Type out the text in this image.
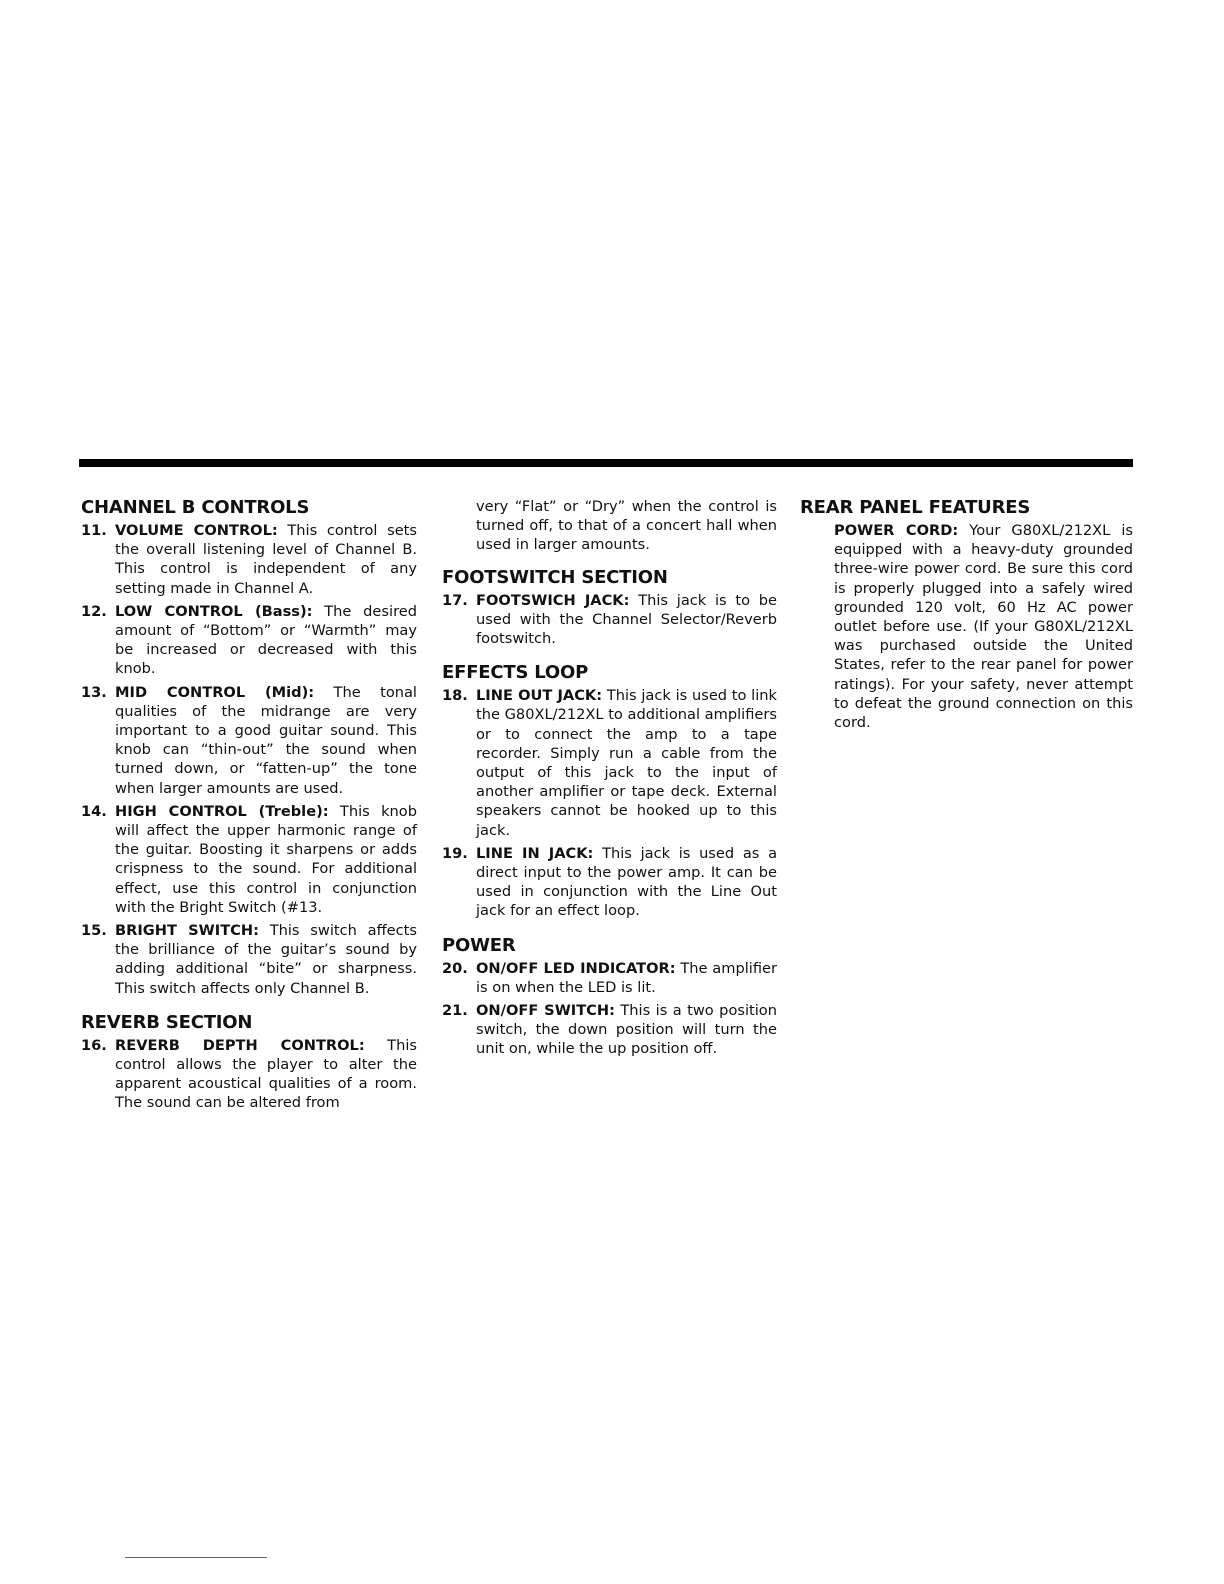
CHANNEL B CONTROLS
11. VOLUME CONTROL: This control sets the overall listening level of Channel B. This control is independent of any setting made in Channel A.
12. LOW CONTROL (Bass): The desired amount of “Bottom” or “Warmth” may be increased or decreased with this knob.
13. MID CONTROL (Mid): The tonal qualities of the midrange are very important to a good guitar sound. This knob can “thin-out” the sound when turned down, or “fatten-up” the tone when larger amounts are used.
14. HIGH CONTROL (Treble): This knob will affect the upper harmonic range of the guitar. Boosting it sharpens or adds crispness to the sound. For additional effect, use this control in conjunction with the Bright Switch (#13.
15. BRIGHT SWITCH: This switch affects the brilliance of the guitar’s sound by adding additional “bite” or sharpness. This switch affects only Channel B.
REVERB SECTION
16. REVERB DEPTH CONTROL: This control allows the player to alter the apparent acoustical qualities of a room. The sound can be altered from
very “Flat” or “Dry” when the control is turned off, to that of a concert hall when used in larger amounts.
FOOTSWITCH SECTION
17. FOOTSWICH JACK: This jack is to be used with the Channel Selector/Reverb footswitch.
EFFECTS LOOP
18. LINE OUT JACK: This jack is used to link the G80XL/212XL to additional amplifiers or to connect the amp to a tape recorder. Simply run a cable from the output of this jack to the input of another amplifier or tape deck. External speakers cannot be hooked up to this jack.
19. LINE IN JACK: This jack is used as a direct input to the power amp. It can be used in conjunction with the Line Out jack for an effect loop.
POWER
20. ON/OFF LED INDICATOR: The amplifier is on when the LED is lit.
21. ON/OFF SWITCH: This is a two position switch, the down position will turn the unit on, while the up position off.
REAR PANEL FEATURES
POWER CORD: Your G80XL/212XL is equipped with a heavy-duty grounded three-wire power cord. Be sure this cord is properly plugged into a safely wired grounded 120 volt, 60 Hz AC power outlet before use. (If your G80XL/212XL was purchased outside the United States, refer to the rear panel for power ratings). For your safety, never attempt to defeat the ground connection on this cord.
